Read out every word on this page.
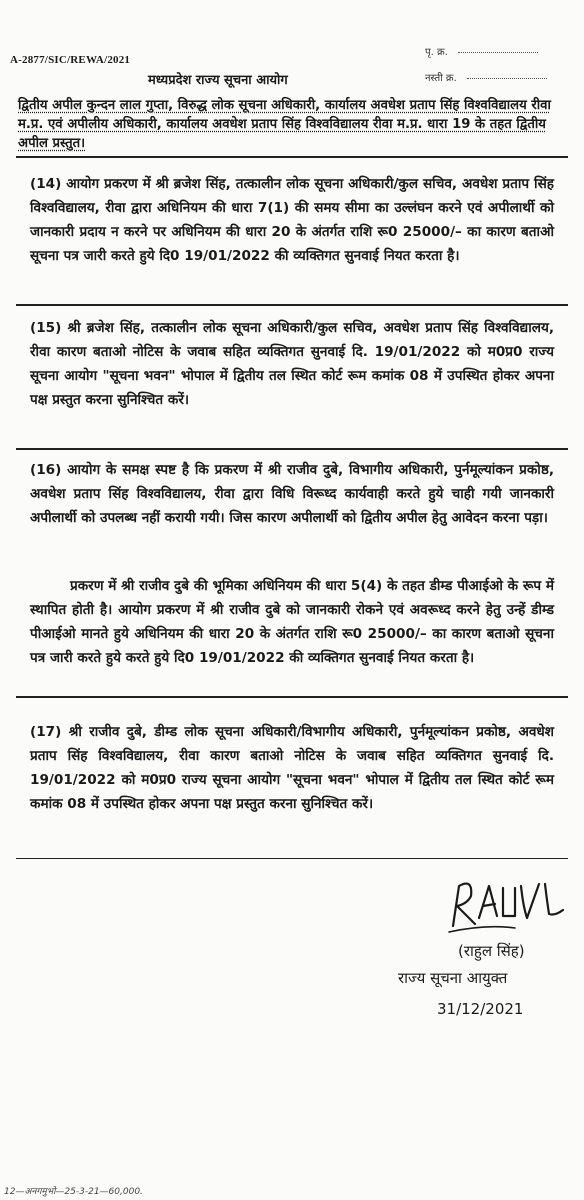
A-2877/SIC/REWA/2021
पृ. क्र.
नस्ती क्र.
मध्यप्रदेश राज्य सूचना आयोग
द्वितीय अपील कुन्दन लाल गुप्ता, विरुद्ध लोक सूचना अधिकारी, कार्यालय अवधेश प्रताप सिंह विश्वविद्यालय रीवा म.प्र. एवं अपीलीय अधिकारी, कार्यालय अवधेश प्रताप सिंह विश्वविद्यालय रीवा म.प्र. धारा 19 के तहत द्वितीय अपील प्रस्तुत।
(14) आयोग प्रकरण में श्री ब्रजेश सिंह, तत्कालीन लोक सूचना अधिकारी/कुल सचिव, अवधेश प्रताप सिंह विश्वविद्यालय, रीवा द्वारा अधिनियम की धारा 7(1) की समय सीमा का उल्लंघन करने एवं अपीलार्थी को जानकारी प्रदाय न करने पर अधिनियम की धारा 20 के अंतर्गत राशि रू0 25000/– का कारण बताओ सूचना पत्र जारी करते हुये दि0 19/01/2022 की व्यक्तिगत सुनवाई नियत करता है।
(15) श्री ब्रजेश सिंह, तत्कालीन लोक सूचना अधिकारी/कुल सचिव, अवधेश प्रताप सिंह विश्वविद्यालय, रीवा कारण बताओ नोटिस के जवाब सहित व्यक्तिगत सुनवाई दि. 19/01/2022 को म0प्र0 राज्य सूचना आयोग "सूचना भवन" भोपाल में द्वितीय तल स्थित कोर्ट रूम कमांक 08 में उपस्थित होकर अपना पक्ष प्रस्तुत करना सुनिश्चित करें।
(16) आयोग के समक्ष स्पष्ट है कि प्रकरण में श्री राजीव दुबे, विभागीय अधिकारी, पुर्नमूल्यांकन प्रकोष्ठ, अवधेश प्रताप सिंह विश्वविद्यालय, रीवा द्वारा विधि विरूध्द कार्यवाही करते हुये चाही गयी जानकारी अपीलार्थी को उपलब्ध नहीं करायी गयी। जिस कारण अपीलार्थी को द्वितीय अपील हेतु आवेदन करना पड़ा।
प्रकरण में श्री राजीव दुबे की भूमिका अधिनियम की धारा 5(4) के तहत डीम्ड पीआईओ के रूप में स्थापित होती है। आयोग प्रकरण में श्री राजीव दुबे को जानकारी रोकने एवं अवरूध्द करने हेतु उन्हें डीम्ड पीआईओ मानते हुये अधिनियम की धारा 20 के अंतर्गत राशि रू0 25000/– का कारण बताओ सूचना पत्र जारी करते हुये करते हुये दि0 19/01/2022 की व्यक्तिगत सुनवाई नियत करता है।
(17) श्री राजीव दुबे, डीम्ड लोक सूचना अधिकारी/विभागीय अधिकारी, पुर्नमूल्यांकन प्रकोष्ठ, अवधेश प्रताप सिंह विश्वविद्यालय, रीवा कारण बताओ नोटिस के जवाब सहित व्यक्तिगत सुनवाई दि. 19/01/2022 को म0प्र0 राज्य सूचना आयोग "सूचना भवन" भोपाल में द्वितीय तल स्थित कोर्ट रूम कमांक 08 में उपस्थित होकर अपना पक्ष प्रस्तुत करना सुनिश्चित करें।
(राहुल सिंह)
राज्य सूचना आयुक्त
31/12/2021
12—अनगमुभो—25-3-21—60,000.
